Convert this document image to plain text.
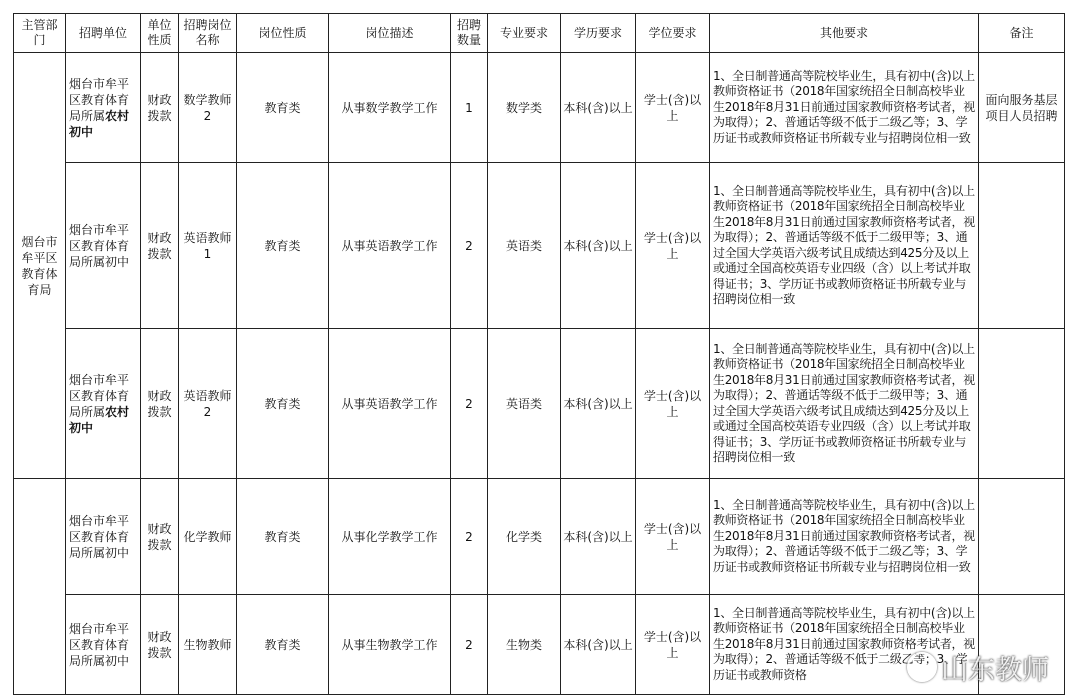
主管部门	招聘单位	单位性质	招聘岗位名称	岗位性质	岗位描述	招聘数量	专业要求	学历要求	学位要求	其他要求	备注
烟台市牟平区教育体育局	烟台市牟平区教育体育局所属农村初中	财政拨款	数学教师2	教育类	从事数学教学工作	1	数学类	本科(含)以上	学士(含)以上	1、全日制普通高等院校毕业生，具有初中(含)以上教师资格证书（2018年国家统招全日制高校毕业生2018年8月31日前通过国家教师资格考试者，视为取得）；2、普通话等级不低于二级乙等；3、学历证书或教师资格证书所载专业与招聘岗位相一致	面向服务基层项目人员招聘
	烟台市牟平区教育体育局所属初中	财政拨款	英语教师1	教育类	从事英语教学工作	2	英语类	本科(含)以上	学士(含)以上	1、全日制普通高等院校毕业生，具有初中(含)以上教师资格证书（2018年国家统招全日制高校毕业生2018年8月31日前通过国家教师资格考试者，视为取得）；2、普通话等级不低于二级甲等；3、通过全国大学英语六级考试且成绩达到425分及以上或通过全国高校英语专业四级（含）以上考试并取得证书；3、学历证书或教师资格证书所载专业与招聘岗位相一致	
	烟台市牟平区教育体育局所属农村初中	财政拨款	英语教师2	教育类	从事英语教学工作	2	英语类	本科(含)以上	学士(含)以上	1、全日制普通高等院校毕业生，具有初中(含)以上教师资格证书（2018年国家统招全日制高校毕业生2018年8月31日前通过国家教师资格考试者，视为取得）；2、普通话等级不低于二级甲等；3、通过全国大学英语六级考试且成绩达到425分及以上或通过全国高校英语专业四级（含）以上考试并取得证书；3、学历证书或教师资格证书所载专业与招聘岗位相一致	
	烟台市牟平区教育体育局所属初中	财政拨款	化学教师	教育类	从事化学教学工作	2	化学类	本科(含)以上	学士(含)以上	1、全日制普通高等院校毕业生，具有初中(含)以上教师资格证书（2018年国家统招全日制高校毕业生2018年8月31日前通过国家教师资格考试者，视为取得）；2、普通话等级不低于二级乙等；3、学历证书或教师资格证书所载专业与招聘岗位相一致	
	烟台市牟平区教育体育局所属初中	财政拨款	生物教师	教育类	从事生物教学工作	2	生物类	本科(含)以上	学士(含)以上	1、全日制普通高等院校毕业生，具有初中(含)以上教师资格证书（2018年国家统招全日制高校毕业生2018年8月31日前通过国家教师资格考试者，视为取得）；2、普通话等级不低于二级乙等；3、学历证书或教师资格		山东教师
